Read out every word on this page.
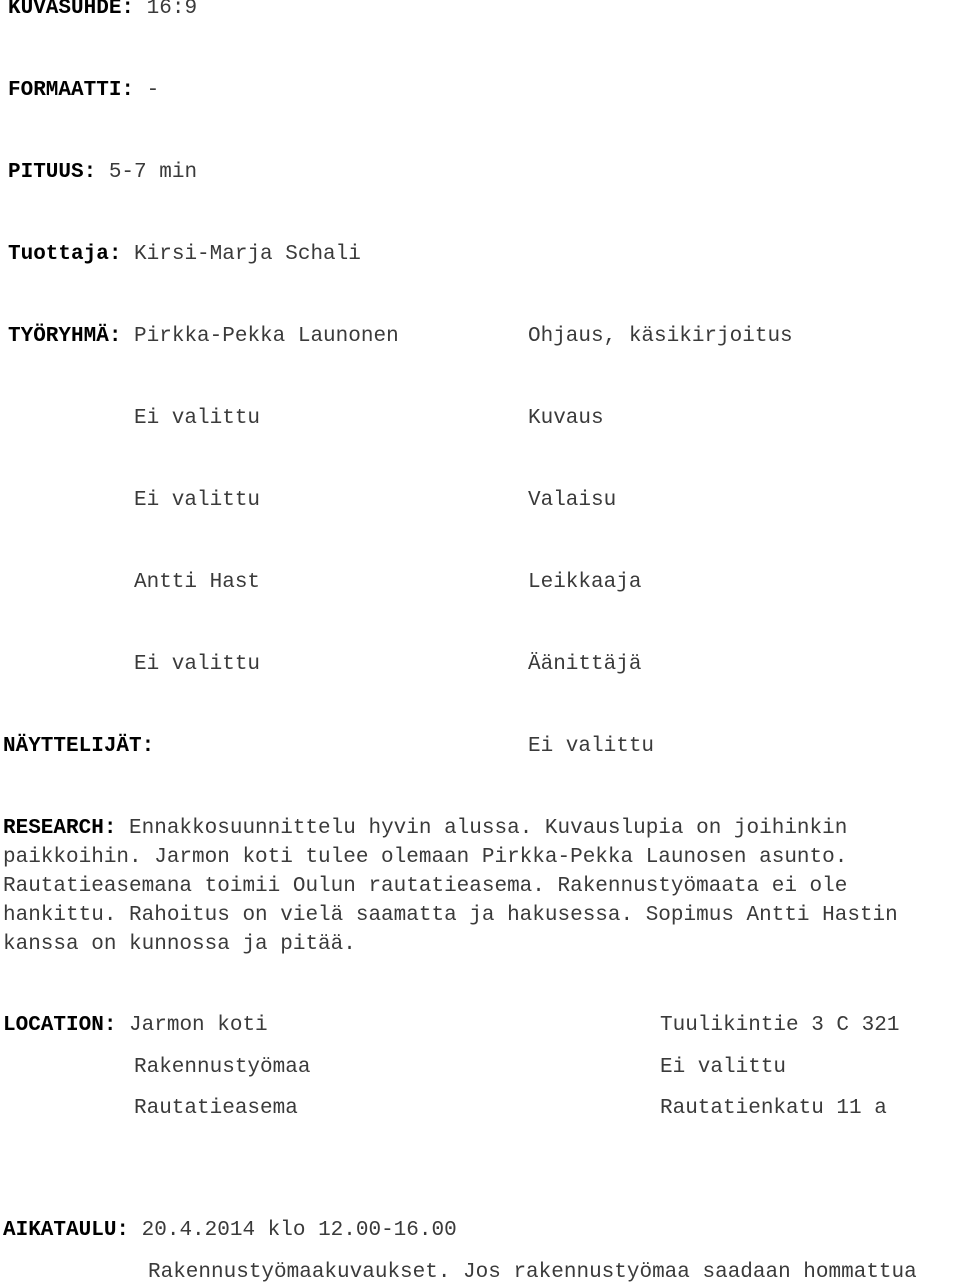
KUVASUHDE: 16:9
FORMAATTI: -
PITUUS: 5-7 min
Tuottaja: Kirsi-Marja Schali
TYÖRYHMÄ: Pirkka-Pekka Launonen	Ohjaus, käsikirjoitus
Ei valittu	Kuvaus
Ei valittu	Valaisu
Antti Hast	Leikkaaja
Ei valittu	Äänittäjä
NÄYTTELIJÄT:	Ei valittu
RESEARCH: Ennakkosuunnittelu hyvin alussa. Kuvauslupia on joihinkin
paikkoihin. Jarmon koti tulee olemaan Pirkka-Pekka Launosen asunto.
Rautatieasemana toimii Oulun rautatieasema. Rakennustyömaata ei ole
hankittu. Rahoitus on vielä saamatta ja hakusessa. Sopimus Antti Hastin
kanssa on kunnossa ja pitää.
LOCATION: Jarmon koti	Tuulikintie 3 C 321
Rakennustyömaa	Ei valittu
Rautatieasema	Rautatienkatu 11 a
AIKATAULU: 20.4.2014 klo 12.00-16.00
Rakennustyömaakuvaukset. Jos rakennustyömaa saadaan hommattua
